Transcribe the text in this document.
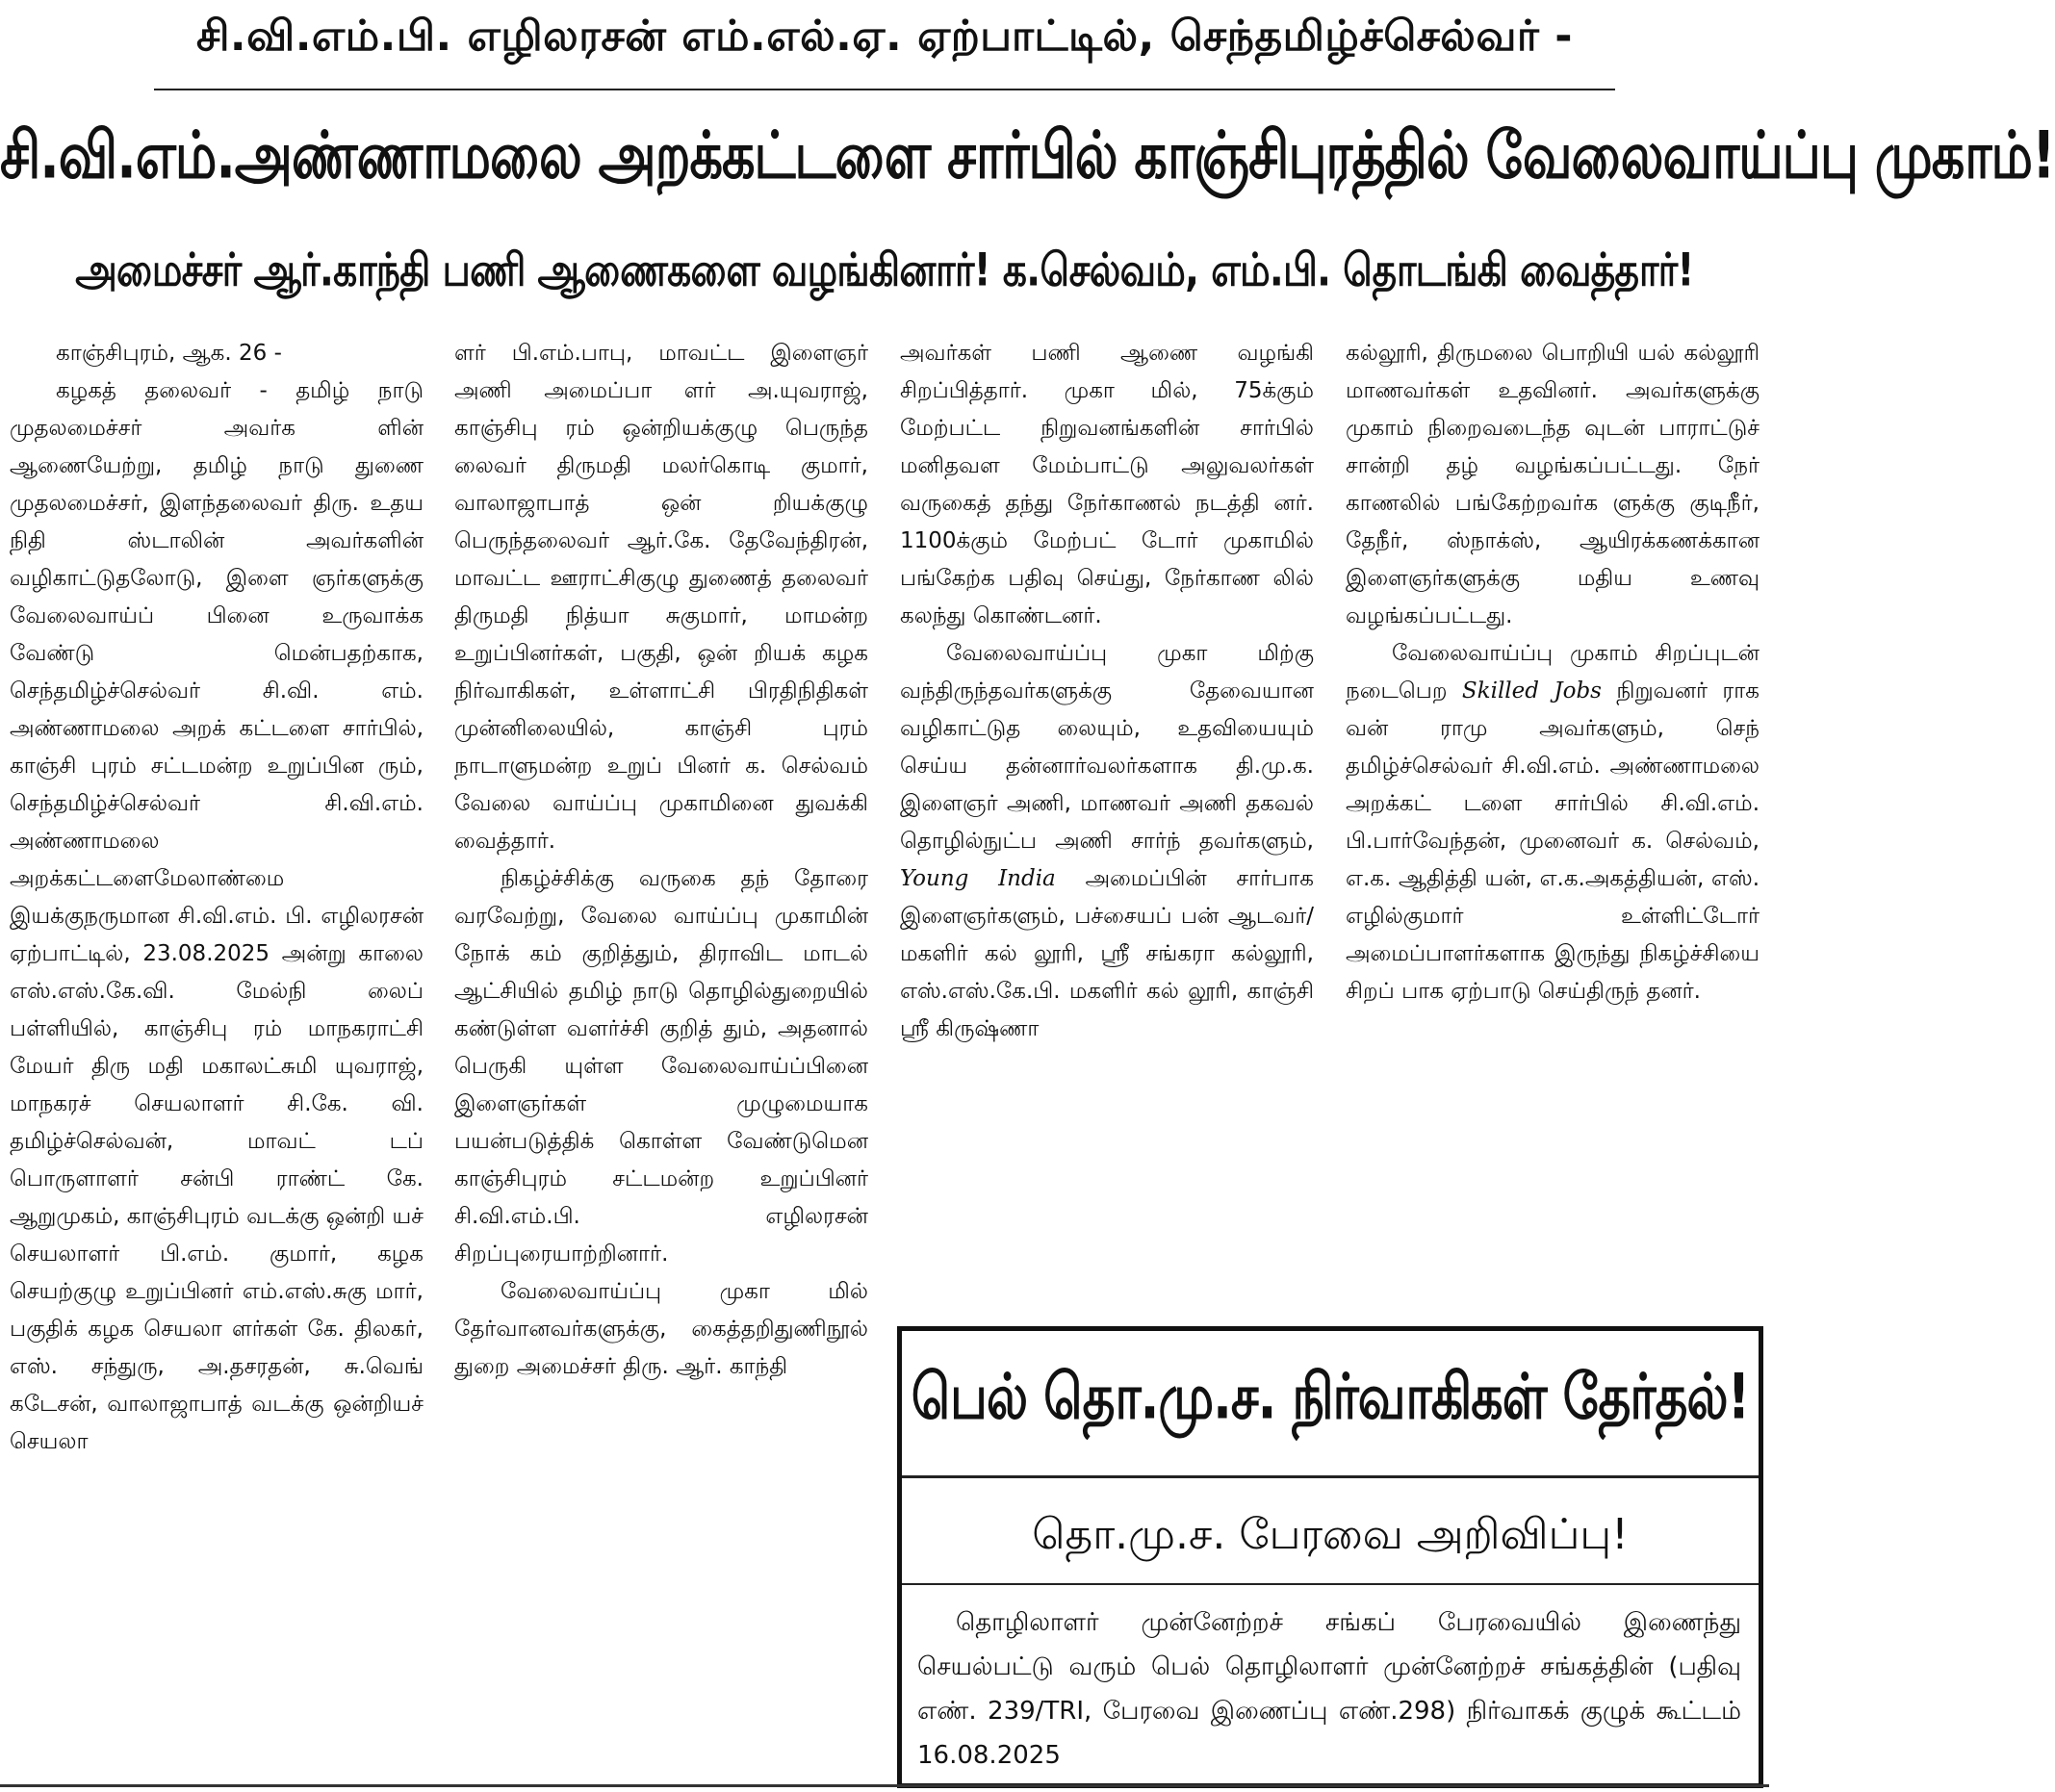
சி.வி.எம்.பி. எழிலரசன் எம்.எல்.ஏ. ஏற்பாட்டில், செந்தமிழ்ச்செல்வர் -
சி.வி.எம்.அண்ணாமலை அறக்கட்டளை சார்பில் காஞ்சிபுரத்தில் வேலைவாய்ப்பு முகாம்!
அமைச்சர் ஆர்.காந்தி பணி ஆணைகளை வழங்கினார்! க.செல்வம், எம்.பி. தொடங்கி வைத்தார்!

காஞ்சிபுரம், ஆக. 26 -

கழகத் தலைவர் - தமிழ் நாடு முதலமைச்சர் அவர்க ளின் ஆணையேற்று, தமிழ் நாடு துணை முதலமைச்சர், இளந்தலைவர் திரு. உதய நிதி ஸ்டாலின் அவர்களின் வழிகாட்டுதலோடு, இளை ஞர்களுக்கு வேலைவாய்ப் பினை உருவாக்க வேண்டு மென்பதற்காக, செந்தமிழ்ச்செல்வர் சி.வி. எம். அண்ணாமலை அறக் கட்டளை சார்பில், காஞ்சி புரம் சட்டமன்ற உறுப்பின ரும், செந்தமிழ்ச்செல்வர் சி.வி.எம். அண்ணாமலை அறக்கட்டளைமேலாண்மை இயக்குநருமான சி.வி.எம். பி. எழிலரசன் ஏற்பாட்டில், 23.08.2025 அன்று காலை எஸ்.எஸ்.கே.வி. மேல்நி லைப் பள்ளியில், காஞ்சிபு ரம் மாநகராட்சி மேயர் திரு மதி மகாலட்சுமி யுவராஜ், மாநகரச் செயலாளர் சி.கே. வி. தமிழ்ச்செல்வன், மாவட் டப் பொருளாளர் சன்பி ராண்ட் கே. ஆறுமுகம், காஞ்சிபுரம் வடக்கு ஒன்றி யச் செயலாளர் பி.எம். குமார், கழக செயற்குழு உறுப்பினர் எம்.எஸ்.சுகு மார், பகுதிக் கழக செயலா ளர்கள் கே. திலகர், எஸ். சந்துரு, அ.தசரதன், சு.வெங் கடேசன், வாலாஜாபாத் வடக்கு ஒன்றியச் செயலா

ளர் பி.எம்.பாபு, மாவட்ட இளைஞர் அணி அமைப்பா ளர் அ.யுவராஜ், காஞ்சிபு ரம் ஒன்றியக்குழு பெருந்த லைவர் திருமதி மலர்கொடி குமார், வாலாஜாபாத் ஒன் றியக்குழு பெருந்தலைவர் ஆர்.கே. தேவேந்திரன், மாவட்ட ஊராட்சிகுழு துணைத் தலைவர் திருமதி நித்யா சுகுமார், மாமன்ற உறுப்பினர்கள், பகுதி, ஒன் றியக் கழக நிர்வாகிகள், உள்ளாட்சி பிரதிநிதிகள் முன்னிலையில், காஞ்சி புரம் நாடாளுமன்ற உறுப் பினர் க. செல்வம் வேலை வாய்ப்பு முகாமினை துவக்கி வைத்தார்.

நிகழ்ச்சிக்கு வருகை தந் தோரை வரவேற்று, வேலை வாய்ப்பு முகாமின் நோக் கம் குறித்தும், திராவிட மாடல் ஆட்சியில் தமிழ் நாடு தொழில்துறையில் கண்டுள்ள வளர்ச்சி குறித் தும், அதனால் பெருகி யுள்ள வேலைவாய்ப்பினை இளைஞர்கள் முழுமையாக பயன்படுத்திக் கொள்ள வேண்டுமென காஞ்சிபுரம் சட்டமன்ற உறுப்பினர் சி.வி.எம்.பி. எழிலரசன் சிறப்புரையாற்றினார்.

வேலைவாய்ப்பு முகா மில் தேர்வானவர்களுக்கு, கைத்தறிதுணிநூல் துறை அமைச்சர் திரு. ஆர். காந்தி

அவர்கள் பணி ஆணை வழங்கி சிறப்பித்தார். முகா மில், 75க்கும் மேற்பட்ட நிறுவனங்களின் சார்பில் மனிதவள மேம்பாட்டு அலுவலர்கள் வருகைத் தந்து நேர்காணல் நடத்தி னர். 1100க்கும் மேற்பட் டோர் முகாமில் பங்கேற்க பதிவு செய்து, நேர்காண லில் கலந்து கொண்டனர்.

வேலைவாய்ப்பு முகா மிற்கு வந்திருந்தவர்களுக்கு தேவையான வழிகாட்டுத லையும், உதவியையும் செய்ய தன்னார்வலர்களாக தி.மு.க. இளைஞர் அணி, மாணவர் அணி தகவல் தொழில்நுட்ப அணி சார்ந் தவர்களும், Young India அமைப்பின் சார்பாக இளைஞர்களும், பச்சையப் பன் ஆடவர்/மகளிர் கல் லூரி, ஸ்ரீ சங்கரா கல்லூரி, எஸ்.எஸ்.கே.பி. மகளிர் கல் லூரி, காஞ்சி ஸ்ரீ கிருஷ்ணா

கல்லூரி, திருமலை பொறியி யல் கல்லூரி மாணவர்கள் உதவினர். அவர்களுக்கு முகாம் நிறைவடைந்த வுடன் பாராட்டுச் சான்றி தழ் வழங்கப்பட்டது. நேர் காணலில் பங்கேற்றவர்க ளுக்கு குடிநீர், தேநீர், ஸ்நாக்ஸ், ஆயிரக்கணக்கான இளைஞர்களுக்கு மதிய உணவு வழங்கப்பட்டது.

வேலைவாய்ப்பு முகாம் சிறப்புடன் நடைபெற Skilled Jobs நிறுவனர் ராக வன் ராமு அவர்களும், செந் தமிழ்ச்செல்வர் சி.வி.எம். அண்ணாமலை அறக்கட் டளை சார்பில் சி.வி.எம். பி.பார்வேந்தன், முனைவர் க. செல்வம், எ.க. ஆதித்தி யன், எ.க.அகத்தியன், எஸ். எழில்குமார் உள்ளிட்டோர் அமைப்பாளர்களாக இருந்து நிகழ்ச்சியை சிறப் பாக ஏற்பாடு செய்திருந் தனர்.

பெல் தொ.மு.ச. நிர்வாகிகள் தேர்தல்!
தொ.மு.ச. பேரவை அறிவிப்பு!

தொழிலாளர் முன்னேற்றச் சங்கப் பேரவையில் இணைந்து செயல்பட்டு வரும் பெல் தொழிலாளர் முன்னேற்றச் சங்கத்தின் (பதிவு எண். 239/TRI, பேரவை இணைப்பு எண்.298) நிர்வாகக் குழுக் கூட்டம் 16.08.2025
